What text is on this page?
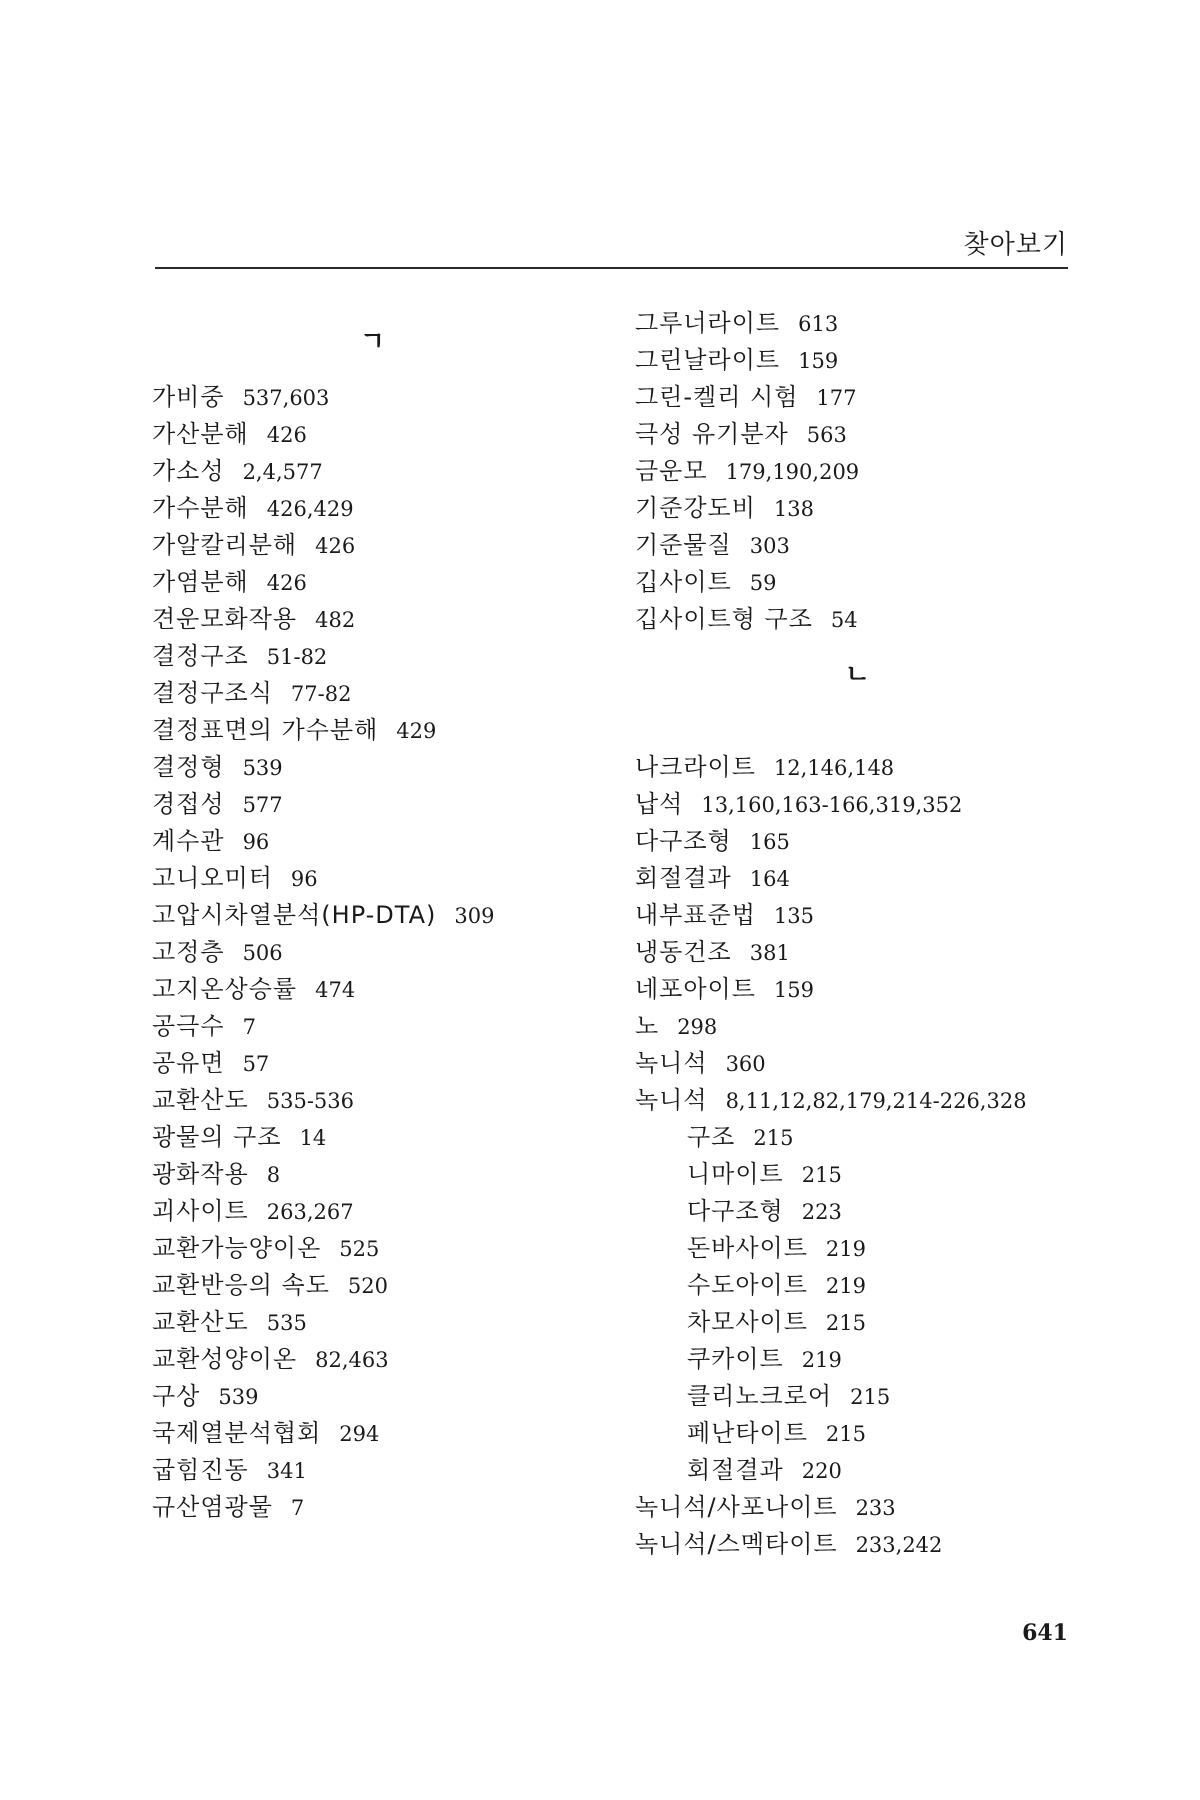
찾아보기
ㄱ
가비중 537,603
가산분해 426
가소성 2,4,577
가수분해 426,429
가알칼리분해 426
가염분해 426
견운모화작용 482
결정구조 51-82
결정구조식 77-82
결정표면의 가수분해 429
결정형 539
경접성 577
계수관 96
고니오미터 96
고압시차열분석(HP-DTA) 309
고정층 506
고지온상승률 474
공극수 7
공유면 57
교환산도 535-536
광물의 구조 14
광화작용 8
괴사이트 263,267
교환가능양이온 525
교환반응의 속도 520
교환산도 535
교환성양이온 82,463
구상 539
국제열분석협회 294
굽힘진동 341
규산염광물 7
그루너라이트 613
그린날라이트 159
그린-켈리 시험 177
극성 유기분자 563
금운모 179,190,209
기준강도비 138
기준물질 303
깁사이트 59
깁사이트형 구조 54
ㄴ
나크라이트 12,146,148
납석 13,160,163-166,319,352
다구조형 165
회절결과 164
내부표준법 135
냉동건조 381
네포아이트 159
노 298
녹니석 360
녹니석 8,11,12,82,179,214-226,328
구조 215
니마이트 215
다구조형 223
돈바사이트 219
수도아이트 219
차모사이트 215
쿠카이트 219
클리노크로어 215
페난타이트 215
회절결과 220
녹니석/사포나이트 233
녹니석/스멕타이트 233,242
641
